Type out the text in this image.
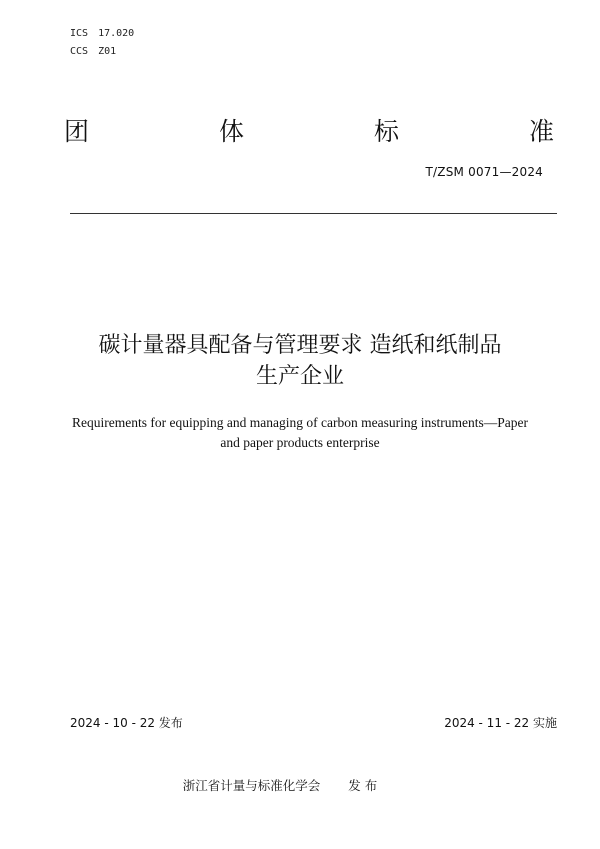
ICS 17.020
CCS Z01
团	体	标	准
T/ZSM 0071—2024
碳计量器具配备与管理要求 造纸和纸制品
生产企业
Requirements for equipping and managing of carbon measuring instruments—Paper
and paper products enterprise
2024 - 10 - 22 发布	2024 - 11 - 22 实施
浙江省计量与标准化学会 发 布
